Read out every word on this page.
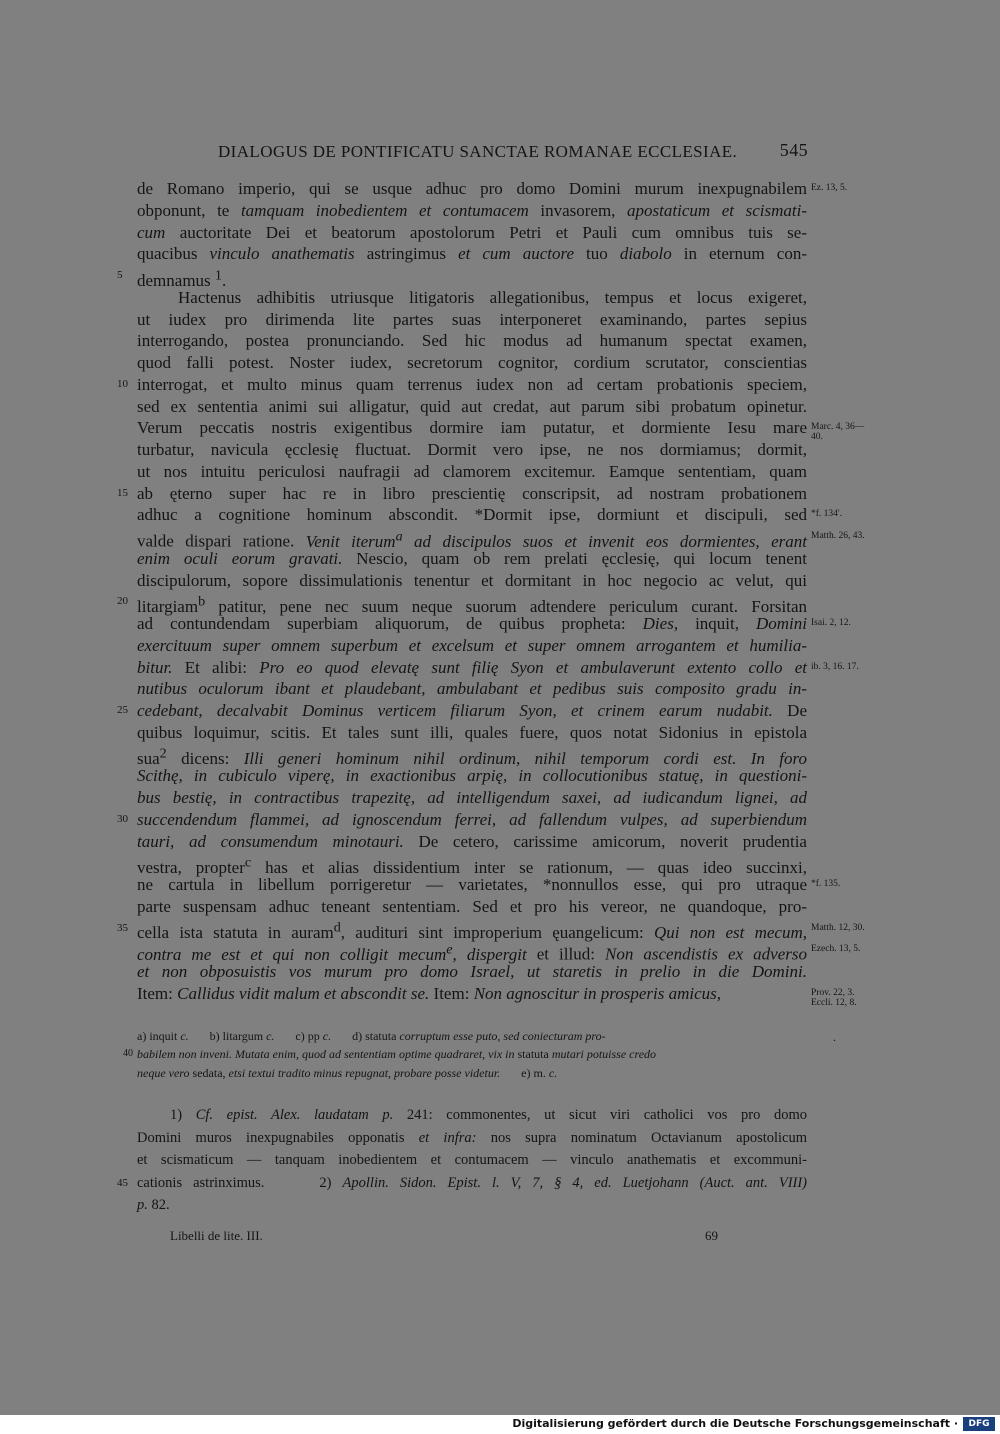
DIALOGUS DE PONTIFICATU SANCTAE ROMANAE ECCLESIAE. 545
de Romano imperio, qui se usque adhuc pro domo Domini murum inexpugnabilem Ez. 13, 5.
obponunt, te tamquam inobedientem et contumacem invasorem, apostaticum et scismati-
cum auctoritate Dei et beatorum apostolorum Petri et Pauli cum omnibus tuis se-
quacibus vinculo anathematis astringimus et cum auctore tuo diabolo in eternum con-
demnamus $^1$.
5
Hactenus adhibitis utriusque litigatoris allegationibus, tempus et locus exigeret,
ut iudex pro dirimenda lite partes suas interponeret examinando, partes sepius
interrogando, postea pronunciando. Sed hic modus ad humanum spectat examen,
quod falli potest. Noster iudex, secretorum cognitor, cordium scrutator, conscientias
interrogat, et multo minus quam terrenus iudex non ad certam probationis speciem,
10
sed ex sententia animi sui alligatur, quid aut credat, aut parum sibi probatum opinetur.
Verum peccatis nostris exigentibus dormire iam putatur, et dormiente Iesu mare Marc. 4, 36—40.
turbatur, navicula ęcclesię fluctuat. Dormit vero ipse, ne nos dormiamus; dormit,
ut nos intuitu periculosi naufragii ad clamorem excitemur. Eamque sententiam, quam
ab ęterno super hac re in libro prescientię conscripsit, ad nostram probationem
15
adhuc a cognitione hominum abscondit. *Dormit ipse, dormiunt et discipuli, sed *f. 134'.
valde dispari ratione. Venit iterum$^a$ ad discipulos suos et invenit eos dormientes, erant Matth. 26, 43.
enim oculi eorum gravati. Nescio, quam ob rem prelati ęcclesię, qui locum tenent
discipulorum, sopore dissimulationis tenentur et dormitant in hoc negocio ac velut, qui
litargiam$^b$ patitur, pene nec suum neque suorum adtendere periculum curant. Forsitan
20
ad contundendam superbiam aliquorum, de quibus propheta: Dies, inquit, Domini Isai. 2, 12.
exercituum super omnem superbum et excelsum et super omnem arrogantem et humilia-
bitur. Et alibi: Pro eo quod elevatę sunt filię Syon et ambulaverunt extento collo et ib. 3, 16. 17.
nutibus oculorum ibant et plaudebant, ambulabant et pedibus suis composito gradu in-
cedebant, decalvabit Dominus verticem filiarum Syon, et crinem earum nudabit. De
25
quibus loquimur, scitis. Et tales sunt illi, quales fuere, quos notat Sidonius in epistola
sua$^2$ dicens: Illi generi hominum nihil ordinum, nihil temporum cordi est. In foro
Scithę, in cubiculo viperę, in exactionibus arpię, in collocutionibus statuę, in questioni-
bus bestię, in contractibus trapezitę, ad intelligendum saxei, ad iudicandum lignei, ad
succendendum flammei, ad ignoscendum ferrei, ad fallendum vulpes, ad superbiendum
30
tauri, ad consumendum minotauri. De cetero, carissime amicorum, noverit prudentia
vestra, propter$^c$ has et alias dissidentium inter se rationum, — quas ideo succinxi,
ne cartula in libellum porrigeretur — varietates, *nonnullos esse, qui pro utraque *f. 135.
parte suspensam adhuc teneant sententiam. Sed et pro his vereor, ne quandoque, pro-
cella ista statuta in auram$^d$, audituri sint improperium ęuangelicum: Qui non est mecum,
35	Matth. 12, 30.
contra me est et qui non colligit mecum$^e$, dispergit et illud: Non ascendistis ex adverso Ezech. 13, 5.
et non obposuistis vos murum pro domo Israel, ut staretis in prelio in die Domini.
Item: Callidus vidit malum et abscondit se. Item: Non agnoscitur in prosperis amicus,	Prov. 22, 3. Eccli. 12, 8.
.
a) inquit c.       b) litargum c.       c) pp c.       d) statuta corruptum esse puto, sed coniecturam pro-
babilem non inveni. Mutata enim, quod ad sententiam optime quadraret, vix in statuta mutari potuisse credo
40
neque vero sedata, etsi textui tradito minus repugnat, probare posse videtur.       e) m. c.
1) Cf. epist. Alex. laudatam p. 241: commonentes, ut sicut viri catholici vos pro domo
Domini muros inexpugnabiles opponatis et infra: nos supra nominatum Octavianum apostolicum
et scismaticum — tanquam inobedientem et contumacem — vinculo anathematis et excommuni-
cationis astrinximus.     2) Apollin. Sidon. Epist. l. V, 7, § 4, ed. Luetjohann (Auct. ant. VIII)
45
p. 82.
Libelli de lite. III.	69
Digitalisierung gefördert durch die Deutsche Forschungsgemeinschaft ·	DFG
